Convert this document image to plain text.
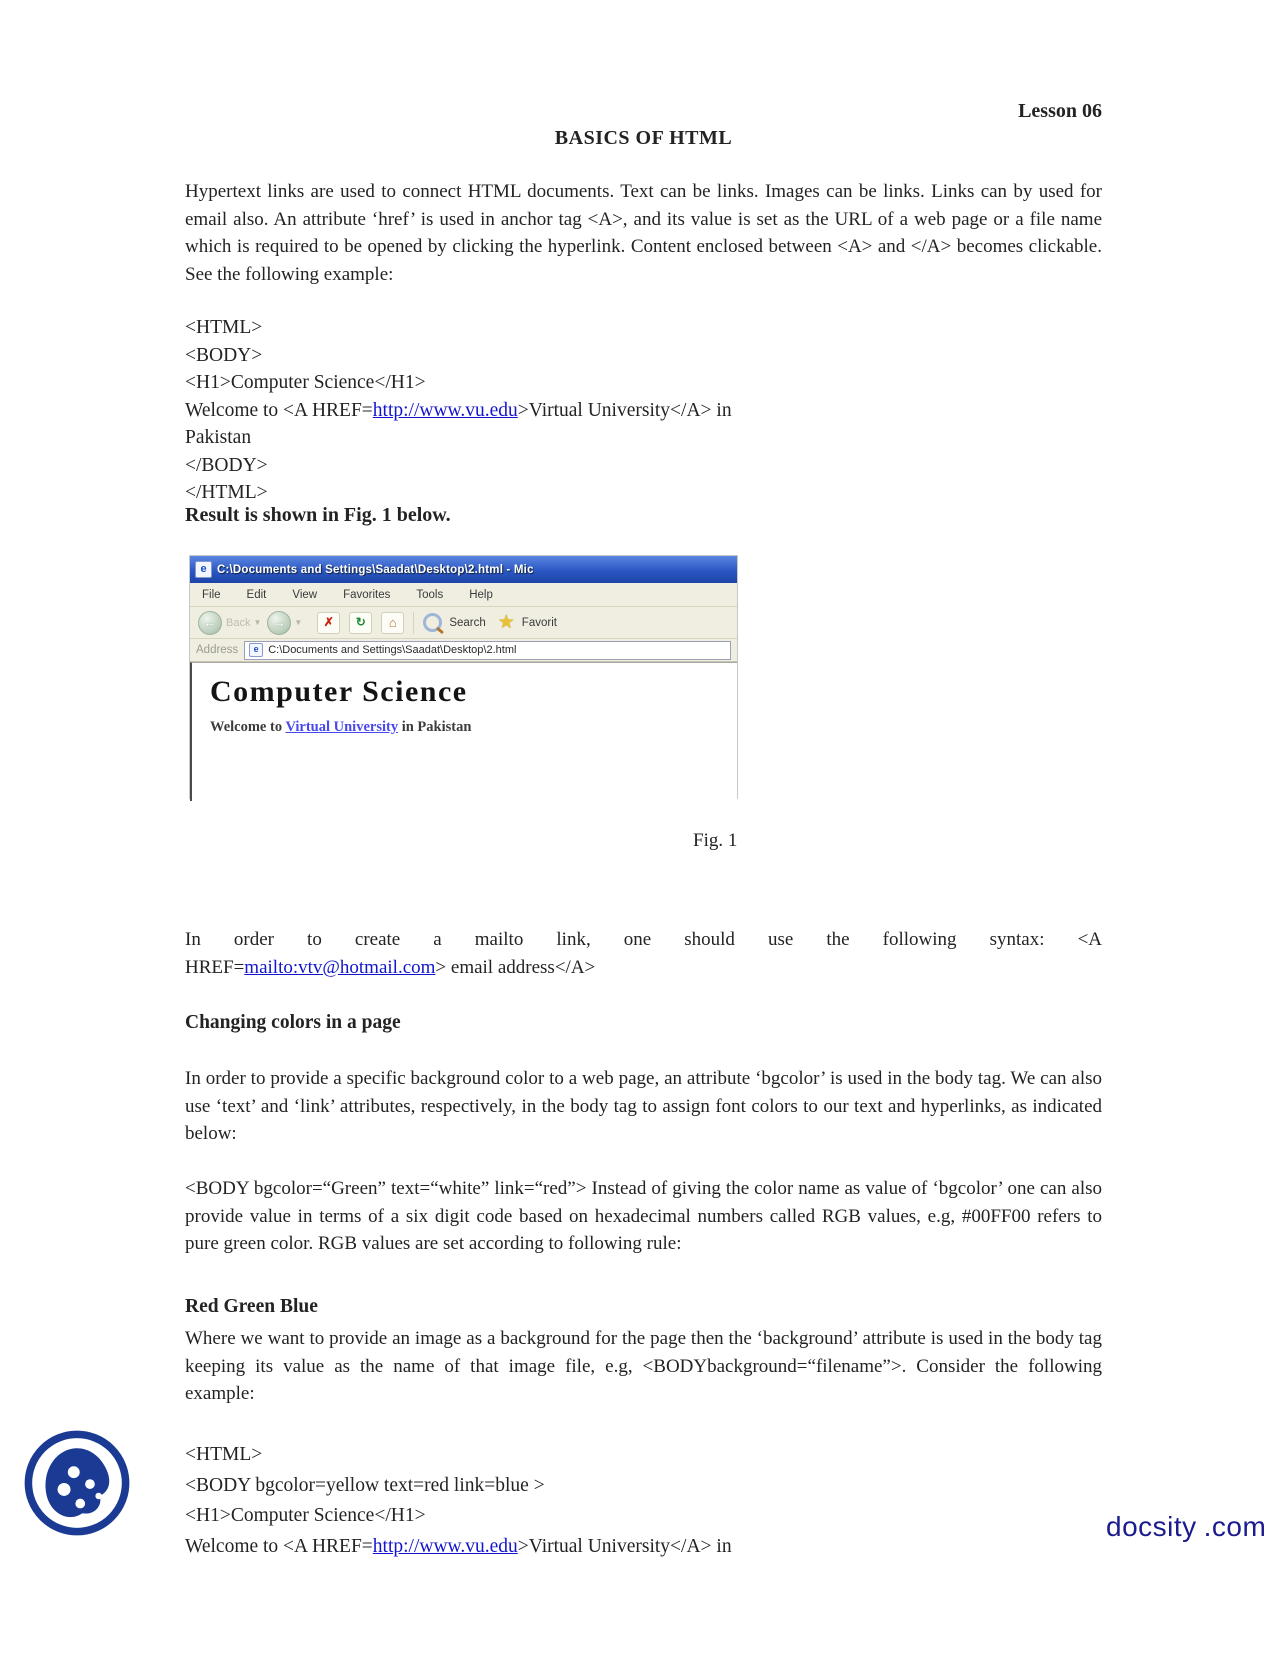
Lesson 06
BASICS OF HTML
Hypertext links are used to connect HTML documents. Text can be links. Images can be links. Links can by used for email also. An attribute ‘href’ is used in anchor tag <A>, and its value is set as the URL of a web page or a file name which is required to be opened by clicking the hyperlink. Content enclosed between <A> and </A> becomes clickable. See the following example:
<HTML>
<BODY>
<H1>Computer Science</H1>
Welcome to <A HREF=http://www.vu.edu>Virtual University</A> in
Pakistan
</BODY>
</HTML>
Result is shown in Fig. 1 below.
e C:\Documents and Settings\Saadat\Desktop\2.html - Mic
File Edit View Favorites Tools Help
← Back ▼ →	▼	✗	↻	⌂	Search ★ Favorit
Address	e C:\Documents and Settings\Saadat\Desktop\2.html
Computer Science
Welcome to Virtual University in Pakistan
Fig. 1
In order to create a mailto link, one should use the following syntax: <A
HREF=mailto:vtv@hotmail.com> email address</A>
Changing colors in a page
In order to provide a specific background color to a web page, an attribute ‘bgcolor’ is used in the body tag. We can also use ‘text’ and ‘link’ attributes, respectively, in the body tag to assign font colors to our text and hyperlinks, as indicated below:
<BODY bgcolor=“Green” text=“white” link=“red”> Instead of giving the color name as value of ‘bgcolor’ one can also provide value in terms of a six digit code based on hexadecimal numbers called RGB values, e.g, #00FF00 refers to pure green color. RGB values are set according to following rule:
Red Green Blue
Where we want to provide an image as a background for the page then the ‘background’ attribute is used in the body tag keeping its value as the name of that image file, e.g, <BODYbackground=“filename”>. Consider the following example:
<HTML>
<BODY bgcolor=yellow text=red link=blue >
<H1>Computer Science</H1>
Welcome to <A HREF=http://www.vu.edu>Virtual University</A> in
docsity .com
